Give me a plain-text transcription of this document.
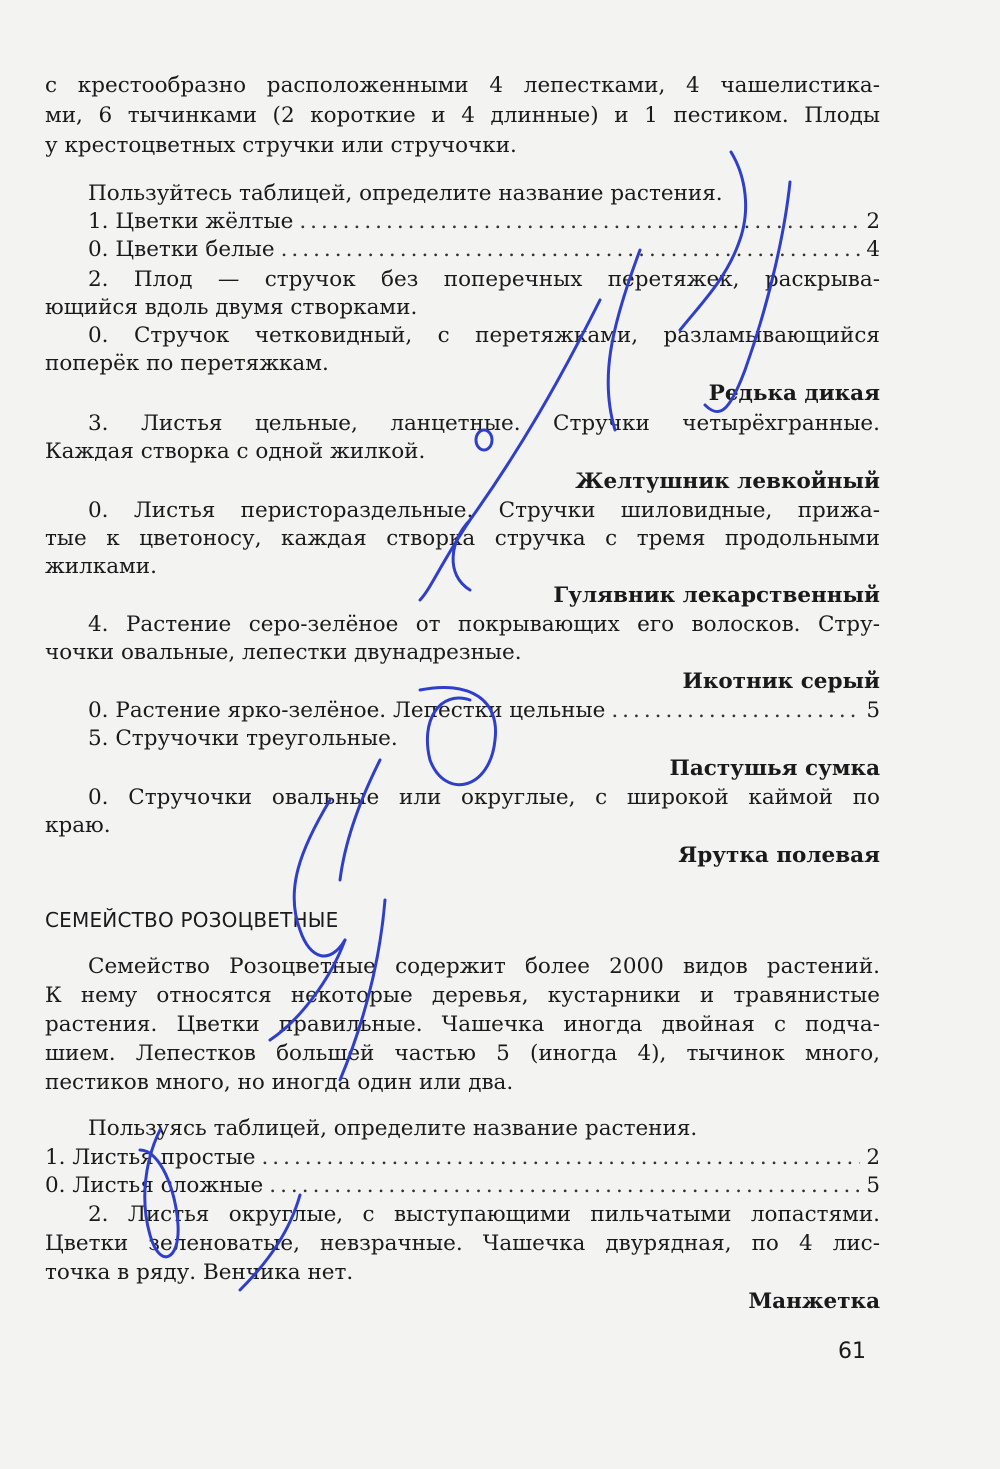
с крестообразно расположенными 4 лепестками, 4 чашелистика-
ми, 6 тычинками (2 короткие и 4 длинные) и 1 пестиком. Плоды
у крестоцветных стручки или стручочки.
Пользуйтесь таблицей, определите название растения.
1. Цветки жёлтые .....	2
0. Цветки белые .....	4
2. Плод — стручок без поперечных перетяжек, раскрыва-
ющийся вдоль двумя створками.
0. Стручок четковидный, с перетяжками, разламывающийся
поперёк по перетяжкам.
Редька дикая
3. Листья цельные, ланцетные. Стручки четырёхгранные.
Каждая створка с одной жилкой.
Желтушник левкойный
0. Листья перистораздельные. Стручки шиловидные, прижа-
тые к цветоносу, каждая створка стручка с тремя продольными
жилками.
Гулявник лекарственный
4. Растение серо-зелёное от покрывающих его волосков. Стру-
чочки овальные, лепестки двунадрезные.
Икотник серый
0. Растение ярко-зелёное. Лепестки цельные .....	5
5. Стручочки треугольные.
Пастушья сумка
0. Стручочки овальные или округлые, с широкой каймой по
краю.
Ярутка полевая
СЕМЕЙСТВО РОЗОЦВЕТНЫЕ
Семейство Розоцветные содержит более 2000 видов растений.
К нему относятся некоторые деревья, кустарники и травянистые
растения. Цветки правильные. Чашечка иногда двойная с подча-
шием. Лепестков большей частью 5 (иногда 4), тычинок много,
пестиков много, но иногда один или два.
Пользуясь таблицей, определите название растения.
1. Листья простые .....	2
0. Листья сложные .....	5
2. Листья округлые, с выступающими пильчатыми лопастями.
Цветки зеленоватые, невзрачные. Чашечка двурядная, по 4 лис-
точка в ряду. Венчика нет.
Манжетка
61
